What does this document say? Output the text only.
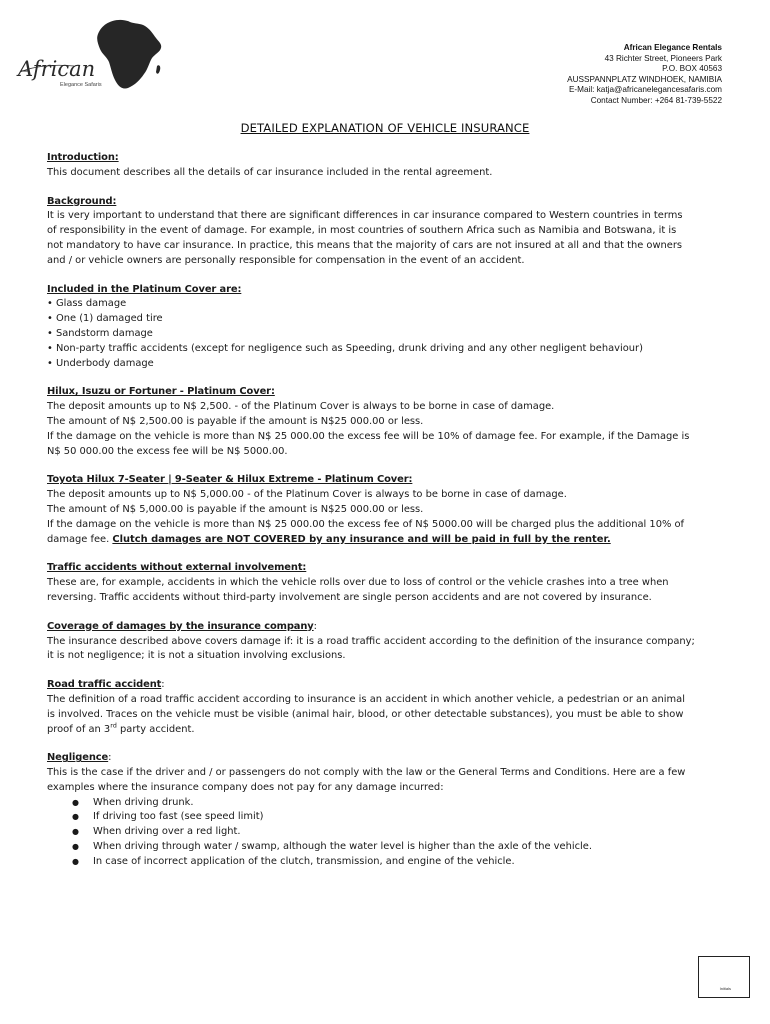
African
Elegance Safaris
African Elegance Rentals
43 Richter Street, Pioneers Park
P.O. BOX 40563
AUSSPANNPLATZ WINDHOEK, NAMIBIA
E-Mail: katja@africanelegancesafaris.com
Contact Number: +264 81-739-5522
DETAILED EXPLANATION OF VEHICLE INSURANCE

Introduction:

This document describes all the details of car insurance included in the rental agreement.

Background:

It is very important to understand that there are significant differences in car insurance compared to Western countries in terms

of responsibility in the event of damage. For example, in most countries of southern Africa such as Namibia and Botswana, it is

not mandatory to have car insurance. In practice, this means that the majority of cars are not insured at all and that the owners

and / or vehicle owners are personally responsible for compensation in the event of an accident.

Included in the Platinum Cover are:

• Glass damage
• One (1) damaged tire
• Sandstorm damage
• Non-party traffic accidents (except for negligence such as Speeding, drunk driving and any other negligent behaviour)
• Underbody damage

Hilux, Isuzu or Fortuner - Platinum Cover:

The deposit amounts up to N$ 2,500. - of the Platinum Cover is always to be borne in case of damage.

The amount of N$ 2,500.00 is payable if the amount is N$25 000.00 or less.

If the damage on the vehicle is more than N$ 25 000.00 the excess fee will be 10% of damage fee. For example, if the Damage is

N$ 50 000.00 the excess fee will be N$ 5000.00.

Toyota Hilux 7-Seater | 9-Seater & Hilux Extreme - Platinum Cover:

The deposit amounts up to N$ 5,000.00 - of the Platinum Cover is always to be borne in case of damage.

The amount of N$ 5,000.00 is payable if the amount is N$25 000.00 or less.

If the damage on the vehicle is more than N$ 25 000.00 the excess fee of N$ 5000.00 will be charged plus the additional 10% of

damage fee. Clutch damages are NOT COVERED by any insurance and will be paid in full by the renter.

Traffic accidents without external involvement:

These are, for example, accidents in which the vehicle rolls over due to loss of control or the vehicle crashes into a tree when

reversing. Traffic accidents without third-party involvement are single person accidents and are not covered by insurance.

Coverage of damages by the insurance company:

The insurance described above covers damage if: it is a road traffic accident according to the definition of the insurance company;

it is not negligence; it is not a situation involving exclusions.

Road traffic accident:

The definition of a road traffic accident according to insurance is an accident in which another vehicle, a pedestrian or an animal

is involved. Traces on the vehicle must be visible (animal hair, blood, or other detectable substances), you must be able to show

proof of an 3rd party accident.

Negligence:

This is the case if the driver and / or passengers do not comply with the law or the General Terms and Conditions. Here are a few

examples where the insurance company does not pay for any damage incurred:

● When driving drunk.
● If driving too fast (see speed limit)
● When driving over a red light.
● When driving through water / swamp, although the water level is higher than the axle of the vehicle.
● In case of incorrect application of the clutch, transmission, and engine of the vehicle.
Initials
